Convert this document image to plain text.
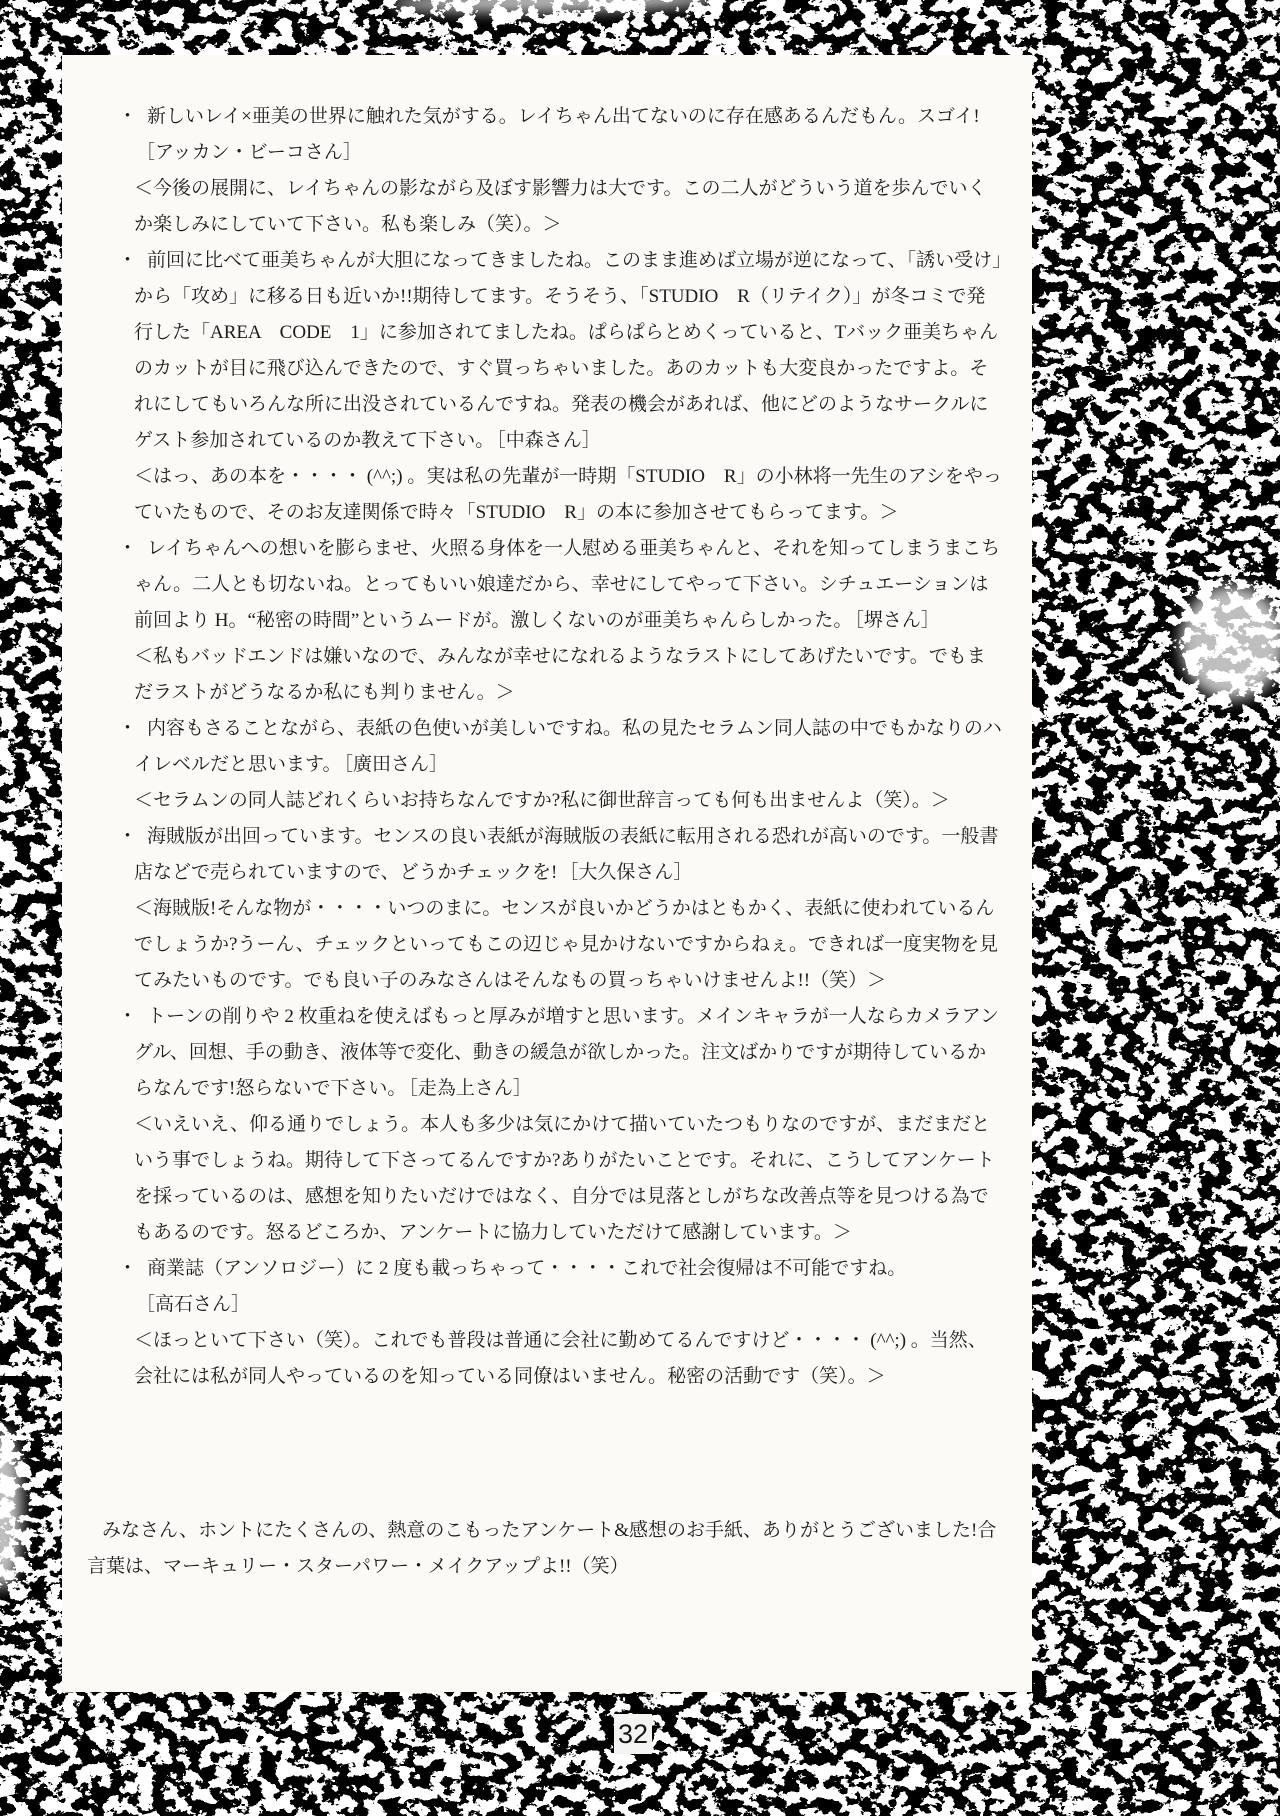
・ 新しいレイ×亜美の世界に触れた気がする。レイちゃん出てないのに存在感あるんだもん。スゴイ!［アッカン・ビーコさん］

＜今後の展開に、レイちゃんの影ながら及ぼす影響力は大です。この二人がどういう道を歩んでいくか楽しみにしていて下さい。私も楽しみ（笑）。＞

・ 前回に比べて亜美ちゃんが大胆になってきましたね。このまま進めば立場が逆になって、「誘い受け」から「攻め」に移る日も近いか!!期待してます。そうそう、「STUDIO　R（リテイク）」が冬コミで発行した「AREA　CODE　1」に参加されてましたね。ぱらぱらとめくっていると、Tバック亜美ちゃんのカットが目に飛び込んできたので、すぐ買っちゃいました。あのカットも大変良かったですよ。それにしてもいろんな所に出没されているんですね。発表の機会があれば、他にどのようなサークルにゲスト参加されているのか教えて下さい。 ［中森さん］

＜はっ、あの本を・・・・ (^^;) 。実は私の先輩が一時期「STUDIO　R」の小林将一先生のアシをやっていたもので、そのお友達関係で時々「STUDIO　R」の本に参加させてもらってます。＞

・ レイちゃんへの想いを膨らませ、火照る身体を一人慰める亜美ちゃんと、それを知ってしまうまこちゃん。二人とも切ないね。とってもいい娘達だから、幸せにしてやって下さい。シチュエーションは前回より H。“秘密の時間”というムードが。激しくないのが亜美ちゃんらしかった。 ［堺さん］

＜私もバッドエンドは嫌いなので、みんなが幸せになれるようなラストにしてあげたいです。でもまだラストがどうなるか私にも判りません。＞

・ 内容もさることながら、表紙の色使いが美しいですね。私の見たセラムン同人誌の中でもかなりのハイレベルだと思います。 ［廣田さん］

＜セラムンの同人誌どれくらいお持ちなんですか?私に御世辞言っても何も出ませんよ（笑）。＞

・ 海賊版が出回っています。センスの良い表紙が海賊版の表紙に転用される恐れが高いのです。一般書店などで売られていますので、どうかチェックを! ［大久保さん］

＜海賊版!そんな物が・・・・いつのまに。センスが良いかどうかはともかく、表紙に使われているんでしょうか?うーん、チェックといってもこの辺じゃ見かけないですからねぇ。できれば一度実物を見てみたいものです。でも良い子のみなさんはそんなもの買っちゃいけませんよ!!（笑）＞

・ トーンの削りや 2 枚重ねを使えばもっと厚みが増すと思います。メインキャラが一人ならカメラアングル、回想、手の動き、液体等で変化、動きの緩急が欲しかった。注文ばかりですが期待しているからなんです!怒らないで下さい。 ［走為上さん］

＜いえいえ、仰る通りでしょう。本人も多少は気にかけて描いていたつもりなのですが、まだまだという事でしょうね。期待して下さってるんですか?ありがたいことです。それに、こうしてアンケートを採っているのは、感想を知りたいだけではなく、自分では見落としがちな改善点等を見つける為でもあるのです。怒るどころか、アンケートに協力していただけて感謝しています。＞

・ 商業誌（アンソロジー）に 2 度も載っちゃって・・・・これで社会復帰は不可能ですね。［高石さん］

＜ほっといて下さい（笑）。これでも普段は普通に会社に勤めてるんですけど・・・・ (^^;) 。当然、会社には私が同人やっているのを知っている同僚はいません。秘密の活動です（笑）。＞

みなさん、ホントにたくさんの、熱意のこもったアンケート&感想のお手紙、ありがとうございました!合言葉は、マーキュリー・スターパワー・メイクアップよ!!（笑）

32
